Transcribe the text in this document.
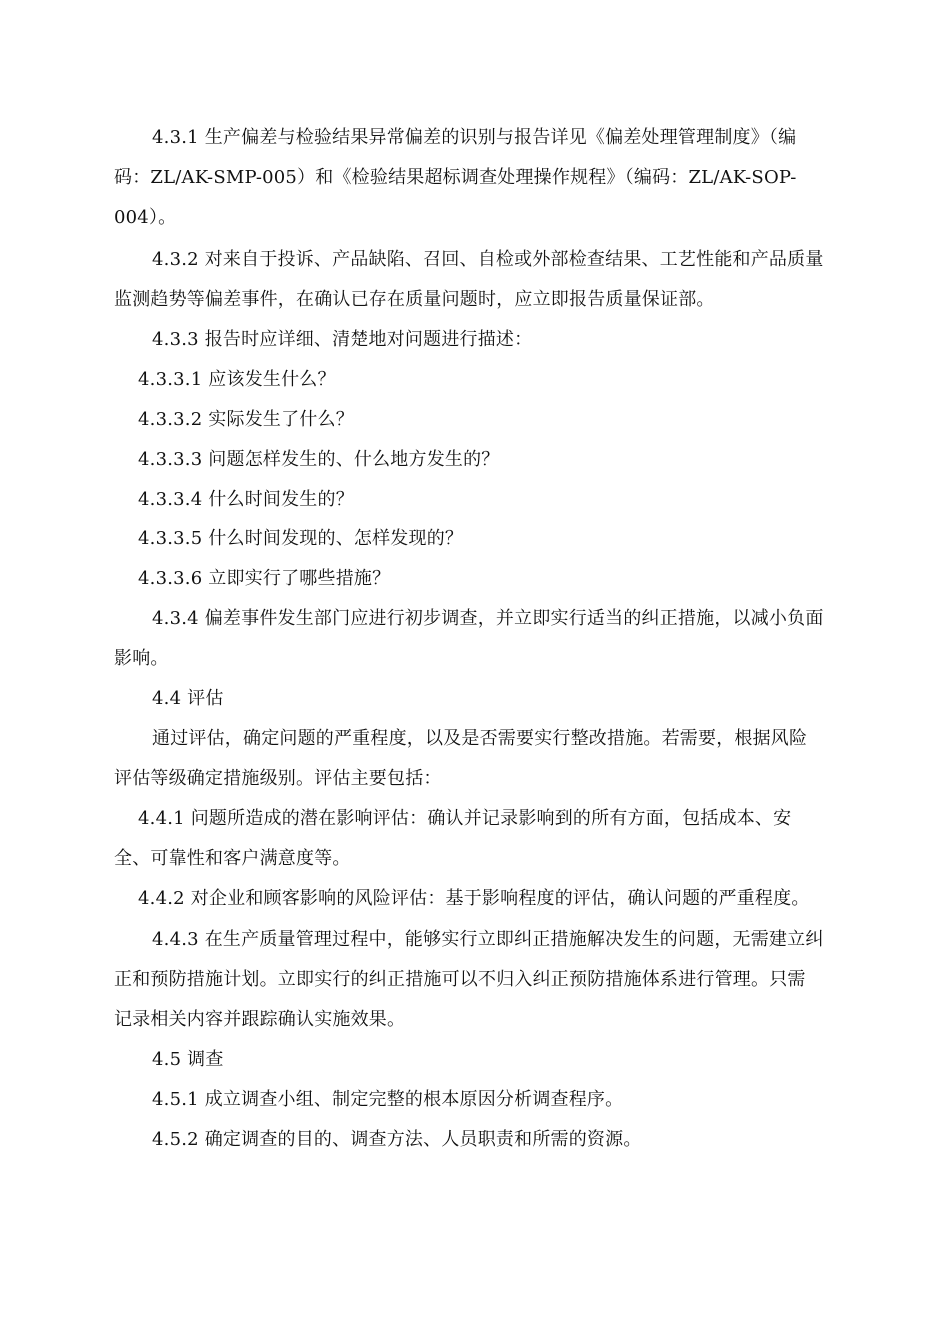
4.3.1 生产偏差与检验结果异常偏差的识别与报告详见《偏差处理管理制度》（编
码：ZL/AK-SMP-005）和《检验结果超标调查处理操作规程》（编码：ZL/AK-SOP-
004）。
4.3.2 对来自于投诉、产品缺陷、召回、自检或外部检查结果、工艺性能和产品质量
监测趋势等偏差事件，在确认已存在质量问题时，应立即报告质量保证部。
4.3.3 报告时应详细、清楚地对问题进行描述：
4.3.3.1 应该发生什么？
4.3.3.2 实际发生了什么？
4.3.3.3 问题怎样发生的、什么地方发生的？
4.3.3.4 什么时间发生的？
4.3.3.5 什么时间发现的、怎样发现的？
4.3.3.6 立即实行了哪些措施？
4.3.4 偏差事件发生部门应进行初步调查，并立即实行适当的纠正措施，以减小负面
影响。
4.4 评估
通过评估，确定问题的严重程度，以及是否需要实行整改措施。若需要，根据风险
评估等级确定措施级别。评估主要包括：
4.4.1 问题所造成的潜在影响评估：确认并记录影响到的所有方面，包括成本、安
全、可靠性和客户满意度等。
4.4.2 对企业和顾客影响的风险评估：基于影响程度的评估，确认问题的严重程度。
4.4.3 在生产质量管理过程中，能够实行立即纠正措施解决发生的问题，无需建立纠
正和预防措施计划。立即实行的纠正措施可以不归入纠正预防措施体系进行管理。只需
记录相关内容并跟踪确认实施效果。
4.5 调查
4.5.1 成立调查小组、制定完整的根本原因分析调查程序。
4.5.2 确定调查的目的、调查方法、人员职责和所需的资源。
